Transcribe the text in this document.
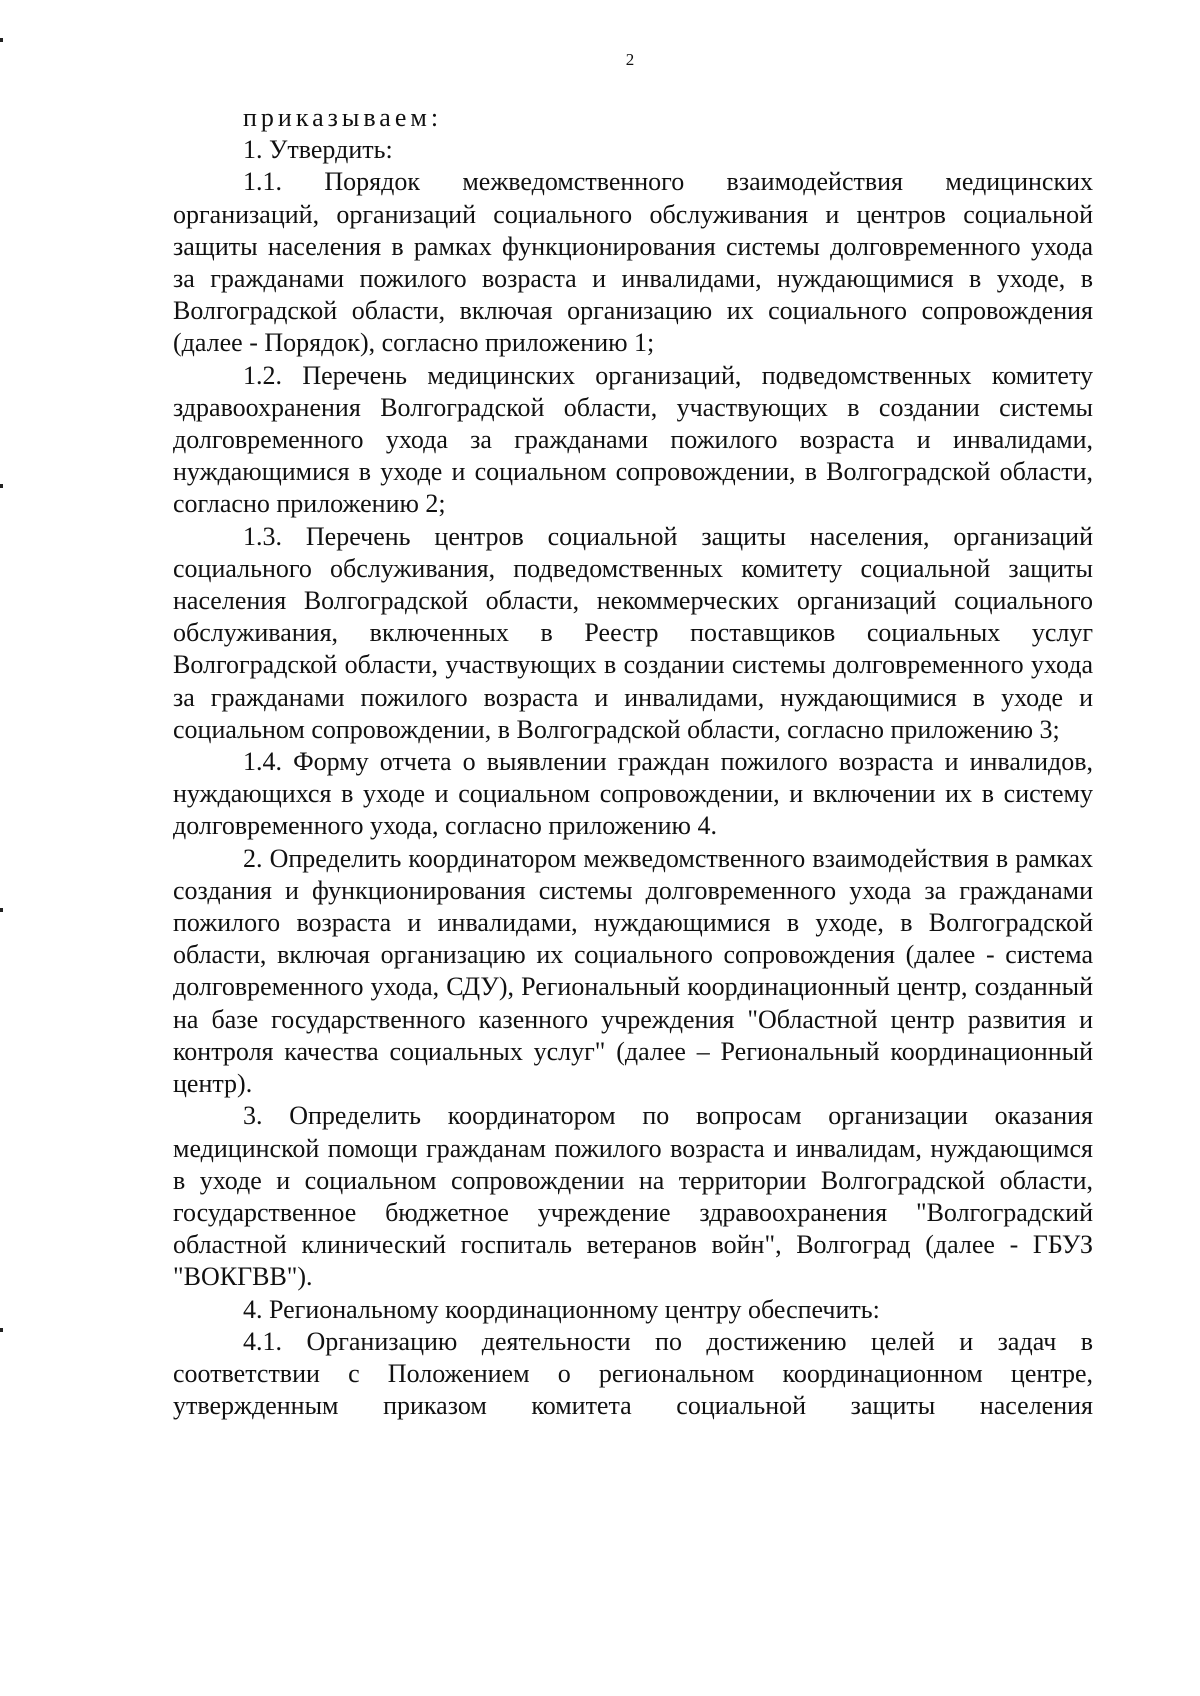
2

приказываем:

1. Утвердить:

1.1. Порядок межведомственного взаимодействия медицинских организаций, организаций социального обслуживания и центров социальной защиты населения в рамках функционирования системы долговременного ухода за гражданами пожилого возраста и инвалидами, нуждающимися в уходе, в Волгоградской области, включая организацию их социального сопровождения (далее - Порядок), согласно приложению 1;

1.2. Перечень медицинских организаций, подведомственных комитету здравоохранения Волгоградской области, участвующих в создании системы долговременного ухода за гражданами пожилого возраста и инвалидами, нуждающимися в уходе и социальном сопровождении, в Волгоградской области, согласно приложению 2;

1.3. Перечень центров социальной защиты населения, организаций социального обслуживания, подведомственных комитету социальной защиты населения Волгоградской области, некоммерческих организаций социального обслуживания, включенных в Реестр поставщиков социальных услуг Волгоградской области, участвующих в создании системы долговременного ухода за гражданами пожилого возраста и инвалидами, нуждающимися в уходе и социальном сопровождении, в Волгоградской области, согласно приложению 3;

1.4. Форму отчета о выявлении граждан пожилого возраста и инвалидов, нуждающихся в уходе и социальном сопровождении, и включении их в систему долговременного ухода, согласно приложению 4.

2. Определить координатором межведомственного взаимодействия в рамках создания и функционирования системы долговременного ухода за гражданами пожилого возраста и инвалидами, нуждающимися в уходе, в Волгоградской области, включая организацию их социального сопровождения (далее - система долговременного ухода, СДУ), Региональный координационный центр, созданный на базе государственного казенного учреждения "Областной центр развития и контроля качества социальных услуг" (далее – Региональный координационный центр).

3. Определить координатором по вопросам организации оказания медицинской помощи гражданам пожилого возраста и инвалидам, нуждающимся в уходе и социальном сопровождении на территории Волгоградской области, государственное бюджетное учреждение здравоохранения "Волгоградский областной клинический госпиталь ветеранов войн", Волгоград (далее - ГБУЗ "ВОКГВВ").

4. Региональному координационному центру обеспечить:

4.1. Организацию деятельности по достижению целей и задач в соответствии с Положением о региональном координационном центре, утвержденным приказом комитета социальной защиты населения
